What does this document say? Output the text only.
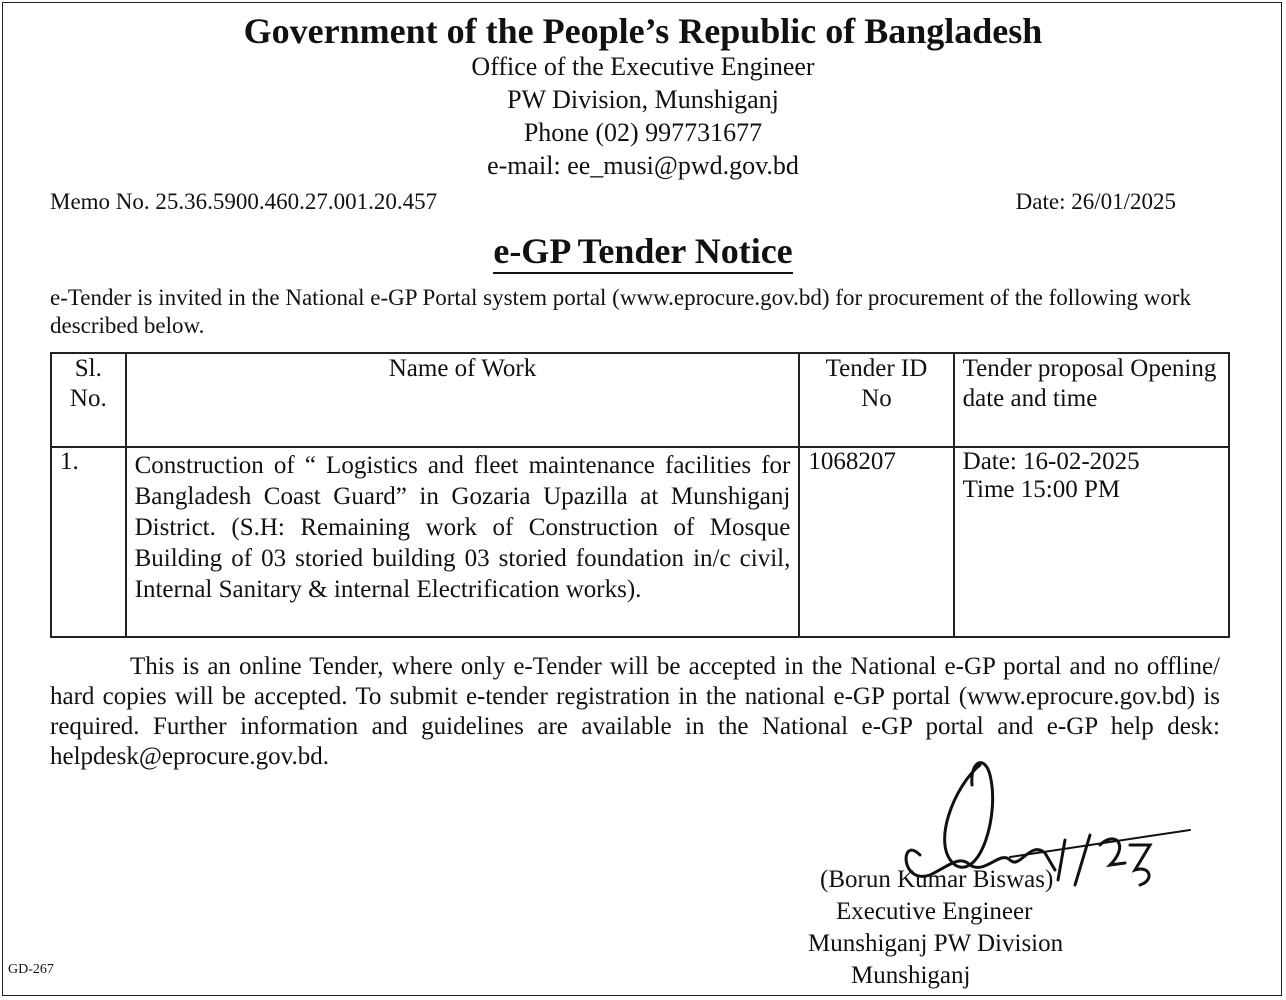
Government of the People’s Republic of Bangladesh
Office of the Executive Engineer
PW Division, Munshiganj
Phone (02) 997731677
e-mail: ee_musi@pwd.gov.bd
Memo No. 25.36.5900.460.27.001.20.457	Date: 26/01/2025
e-GP Tender Notice
e-Tender is invited in the National e-GP Portal system portal (www.eprocure.gov.bd) for procurement of the following work described below.
Sl. No.	Name of Work	Tender ID No	Tender proposal Opening date and time
1.	Construction of “ Logistics and fleet maintenance facilities for Bangladesh Coast Guard” in Gozaria Upazilla at Munshiganj District. (S.H: Remaining work of Construction of Mosque Building of 03 storied building 03 storied foundation in/c civil, Internal Sanitary & internal Electrification works).	1068207	Date: 16-02-2025
Time 15:00 PM
This is an online Tender, where only e-Tender will be accepted in the National e-GP portal and no offline/ hard copies will be accepted. To submit e-tender registration in the national e-GP portal (www.eprocure.gov.bd) is required. Further information and guidelines are available in the National e-GP portal and e-GP help desk: helpdesk@eprocure.gov.bd.
(Borun Kumar Biswas)
Executive Engineer
Munshiganj PW Division
Munshiganj
GD-267
